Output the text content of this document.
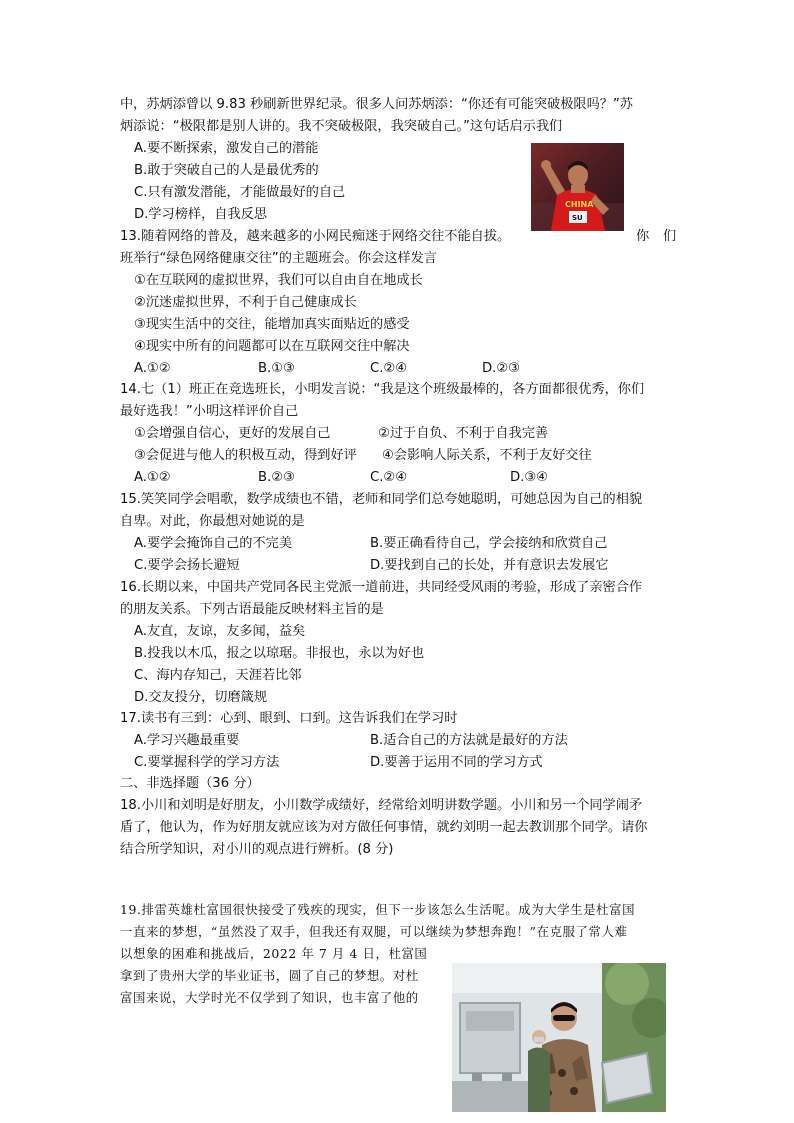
中，苏炳添曾以 9.83 秒刷新世界纪录。很多人问苏炳添：“你还有可能突破极限吗？”苏
炳添说：“极限都是别人讲的。我不突破极限，我突破自己。”这句话启示我们
A.要不断探索，激发自己的潜能
B.敢于突破自己的人是最优秀的
C.只有激发潜能，才能做最好的自己
D.学习榜样，自我反思
CHINA
SU
13.随着网络的普及，越来越多的小网民痴迷于网络交往不能自拔。	你 们
班举行“绿色网络健康交往”的主题班会。你会这样发言
①在互联网的虚拟世界，我们可以自由自在地成长
②沉迷虚拟世界，不利于自己健康成长
③现实生活中的交往，能增加真实面贴近的感受
④现实中所有的问题都可以在互联网交往中解决
A.①②	B.①③	C.②④	D.②③
14.七（1）班正在竞选班长，小明发言说：“我是这个班级最棒的，各方面都很优秀，你们
最好选我！”小明这样评价自己
①会增强自信心，更好的发展自己	②过于自负、不利于自我完善
③会促进与他人的积极互动，得到好评 ④会影响人际关系，不利于友好交往
A.①②	B.②③	C.②④	D.③④
15.笑笑同学会唱歌，数学成绩也不错，老师和同学们总夸她聪明，可她总因为自己的相貌
自卑。对此，你最想对她说的是
A.要学会掩饰自己的不完美	B.要正确看待自己，学会接纳和欣赏自己
C.要学会扬长避短	D.要找到自己的长处，并有意识去发展它
16.长期以来，中国共产党同各民主党派一道前进，共同经受风雨的考验，形成了亲密合作
的朋友关系。下列古语最能反映材料主旨的是
A.友直，友谅，友多闻，益矣
B.投我以木瓜，报之以琼琚。非报也，永以为好也
C、海内存知己，天涯若比邻
D.交友投分，切磨箴规
17.读书有三到：心到、眼到、口到。这告诉我们在学习时
A.学习兴趣最重要	B.适合自己的方法就是最好的方法
C.要掌握科学的学习方法	D.要善于运用不同的学习方式
二、非选择题（36 分）
18.小川和刘明是好朋友，小川数学成绩好，经常给刘明讲数学题。小川和另一个同学闹矛
盾了，他认为，作为好朋友就应该为对方做任何事情，就约刘明一起去教训那个同学。请你
结合所学知识，对小川的观点进行辨析。(8 分)
19.排雷英雄杜富国很快接受了残疾的现实，但下一步该怎么生活呢。成为大学生是杜富国
一直来的梦想，“虽然没了双手，但我还有双腿，可以继续为梦想奔跑！”在克服了常人难
以想象的困难和挑战后，2022 年 7 月 4 日，杜富国
拿到了贵州大学的毕业证书，圆了自己的梦想。对杜
富国来说，大学时光不仅学到了知识，也丰富了他的
